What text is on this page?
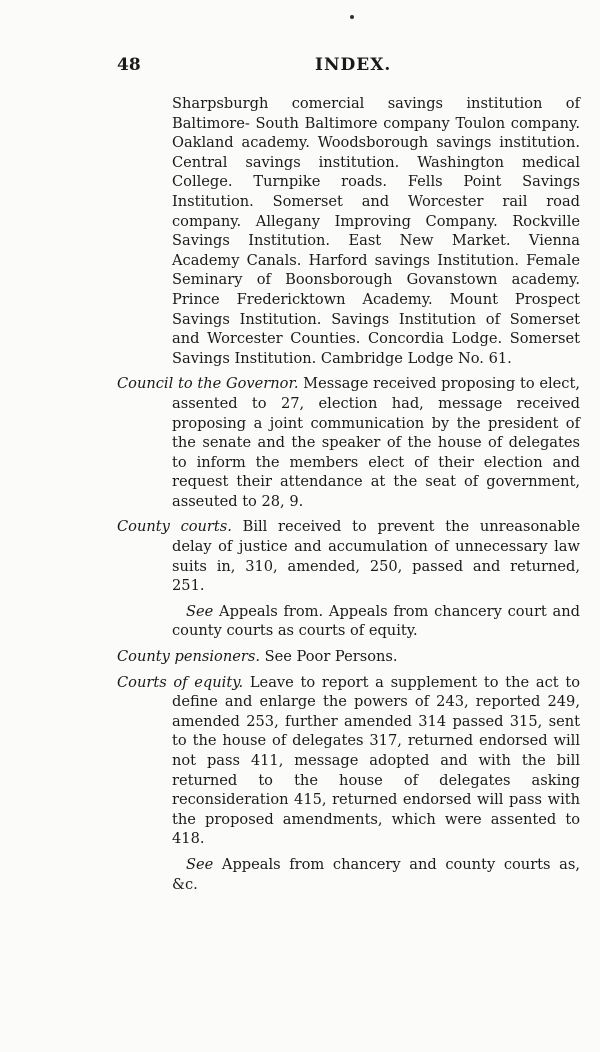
48	INDEX.

Sharpsburgh comercial savings institution of Baltimore- South Baltimore company Toulon company. Oakland academy. Woodsborough savings institution. Central savings institution. Washington medical College. Turnpike roads. Fells Point Savings Institution. Somerset and Worcester rail road company. Allegany Improving Company. Rockville Savings Institution. East New Market. Vienna Academy Canals. Harford savings Institution. Female Seminary of Boonsborough Govanstown academy. Prince Fredericktown Academy. Mount Prospect Savings Institution. Savings Institution of Somerset and Worcester Counties. Concordia Lodge. Somerset Savings Institution. Cambridge Lodge No. 61.

Council to the Governor. Message received proposing to elect, assented to 27, election had, message received proposing a joint communication by the president of the senate and the speaker of the house of delegates to inform the members elect of their election and request their attendance at the seat of government, asseuted to 28, 9.

County courts. Bill received to prevent the unreasonable delay of justice and accumulation of unnecessary law suits in, 310, amended, 250, passed and returned, 251.

See Appeals from. Appeals from chancery court and county courts as courts of equity.

County pensioners. See Poor Persons.

Courts of equity. Leave to report a supplement to the act to define and enlarge the powers of 243, reported 249, amended 253, further amended 314 passed 315, sent to the house of delegates 317, returned endorsed will not pass 411, message adopted and with the bill returned to the house of delegates asking reconsideration 415, returned endorsed will pass with the proposed amendments, which were assented to 418.

See Appeals from chancery and county courts as, &c.
